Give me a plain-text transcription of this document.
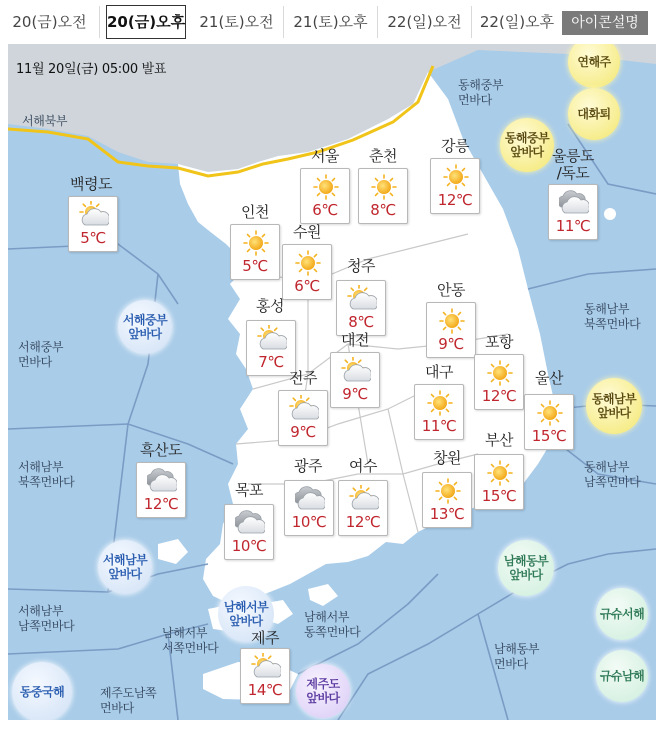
20(금)오전	20(금)오후 21(토)오전	21(토)오후	22(일)오전	22(일)오후	아이콘설명
11월 20일(금) 05:00 발표
서해북부
동해중부
먼바다
서해중부
먼바다
서해남부
북쪽먼바다
서해남부
남쪽먼바다	남해서부
서쪽먼바다
남해서부
동쪽먼바다
남해동부
먼바다
제주도남쪽
먼바다
동해남부
북쪽먼바다
동해남부
남쪽먼바다
연해주
대화퇴
동해중부
앞바다
서해중부
앞바다
동해남부
앞바다
서해남부
앞바다
남해동부
앞바다
남해서부
앞바다	규슈서해
규슈남해
동중국해
제주도
앞바다
백령도
5℃
서울
6℃
춘천
8℃
강릉
12℃
울릉도
/독도
11℃
인천
5℃
수원
6℃
청주
8℃
안동
9℃
홍성
7℃
대전
9℃
포항
12℃
전주
9℃
대구
11℃
울산
15℃
흑산도
12℃
부산
15℃
광주
10℃
여수
12℃
창원
13℃
목포
10℃
제주
14℃
